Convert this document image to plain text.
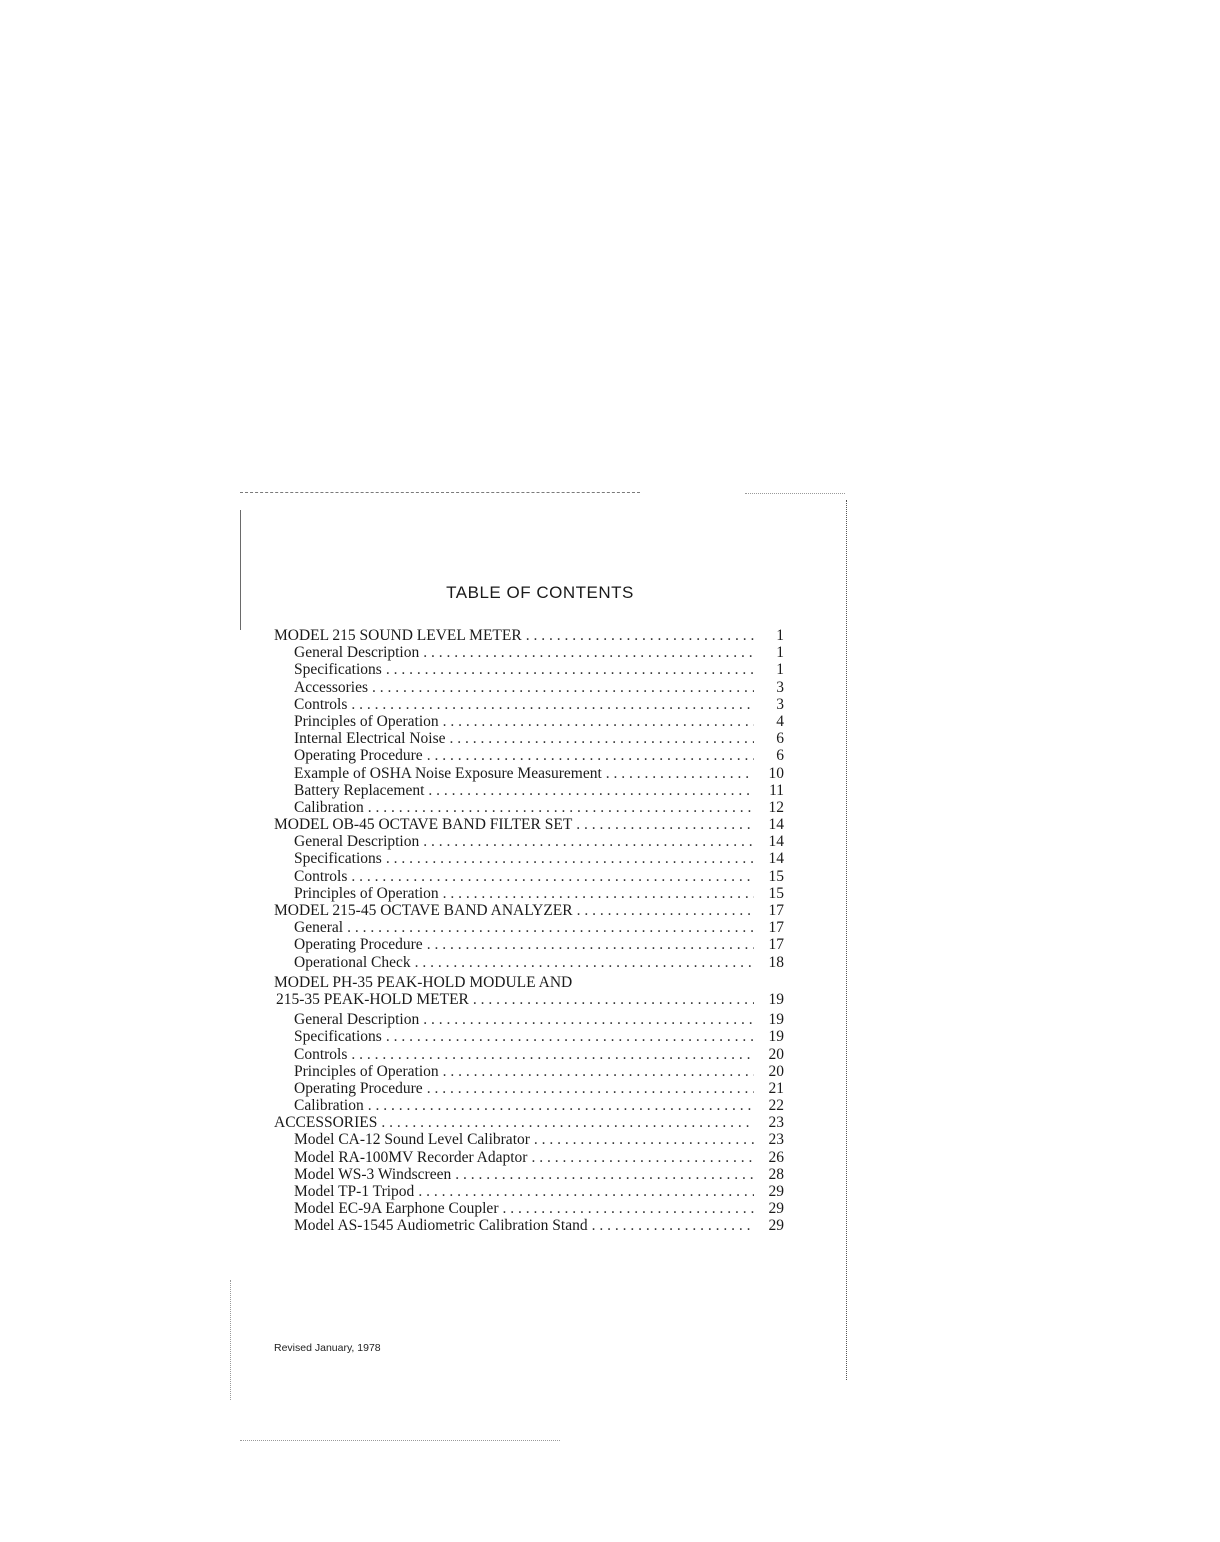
TABLE OF CONTENTS
MODEL 215 SOUND LEVEL METER . . .	1
General Description . . .	1
Specifications . . .	1
Accessories . . .	3
Controls . . .	3
Principles of Operation . . .	4
Internal Electrical Noise . . .	6
Operating Procedure . . .	6
Example of OSHA Noise Exposure Measurement . . .	10
Battery Replacement . . .	11
Calibration . . .	12
MODEL OB-45 OCTAVE BAND FILTER SET . . .	14
General Description . . .	14
Specifications . . .	14
Controls . . .	15
Principles of Operation . . .	15
MODEL 215-45 OCTAVE BAND ANALYZER . . .	17
General . . .	17
Operating Procedure . . .	17
Operational Check . . .	18
MODEL PH-35 PEAK-HOLD MODULE AND
215-35 PEAK-HOLD METER . . .	19
General Description . . .	19
Specifications . . .	19
Controls . . .	20
Principles of Operation . . .	20
Operating Procedure . . .	21
Calibration . . .	22
ACCESSORIES . . .	23
Model CA-12 Sound Level Calibrator . . .	23
Model RA-100MV Recorder Adaptor . . .	26
Model WS-3 Windscreen . . .	28
Model TP-1 Tripod . . .	29
Model EC-9A Earphone Coupler . . .	29
Model AS-1545 Audiometric Calibration Stand . . .	29
Revised January, 1978
